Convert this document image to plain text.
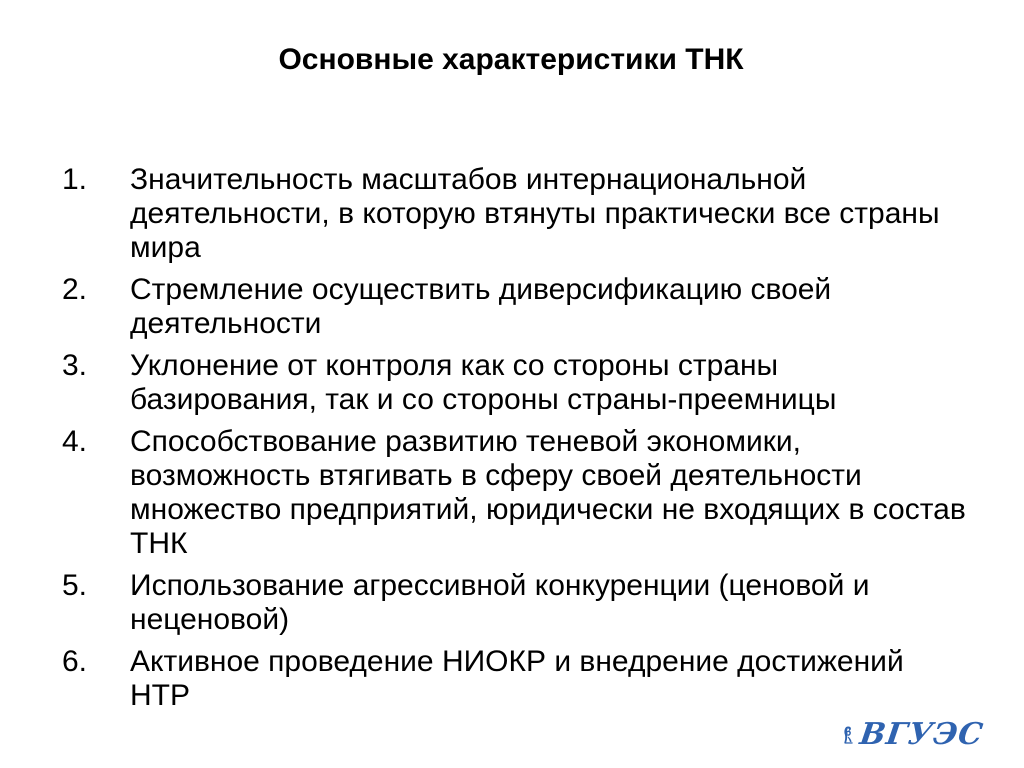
Основные характеристики ТНК
1.	Значительность масштабов интернациональной деятельности, в которую втянуты практически все страны мира
2.	Стремление осуществить диверсификацию своей деятельности
3.	Уклонение от контроля как со стороны страны базирования, так и со стороны страны-преемницы
4.	Способствование развитию теневой экономики, возможность втягивать в сферу своей деятельности множество предприятий, юридически не входящих в состав ТНК
5.	Использование агрессивной конкуренции (ценовой и неценовой)
6.	Активное проведение НИОКР и внедрение достижений НТР
ВГУЭС
